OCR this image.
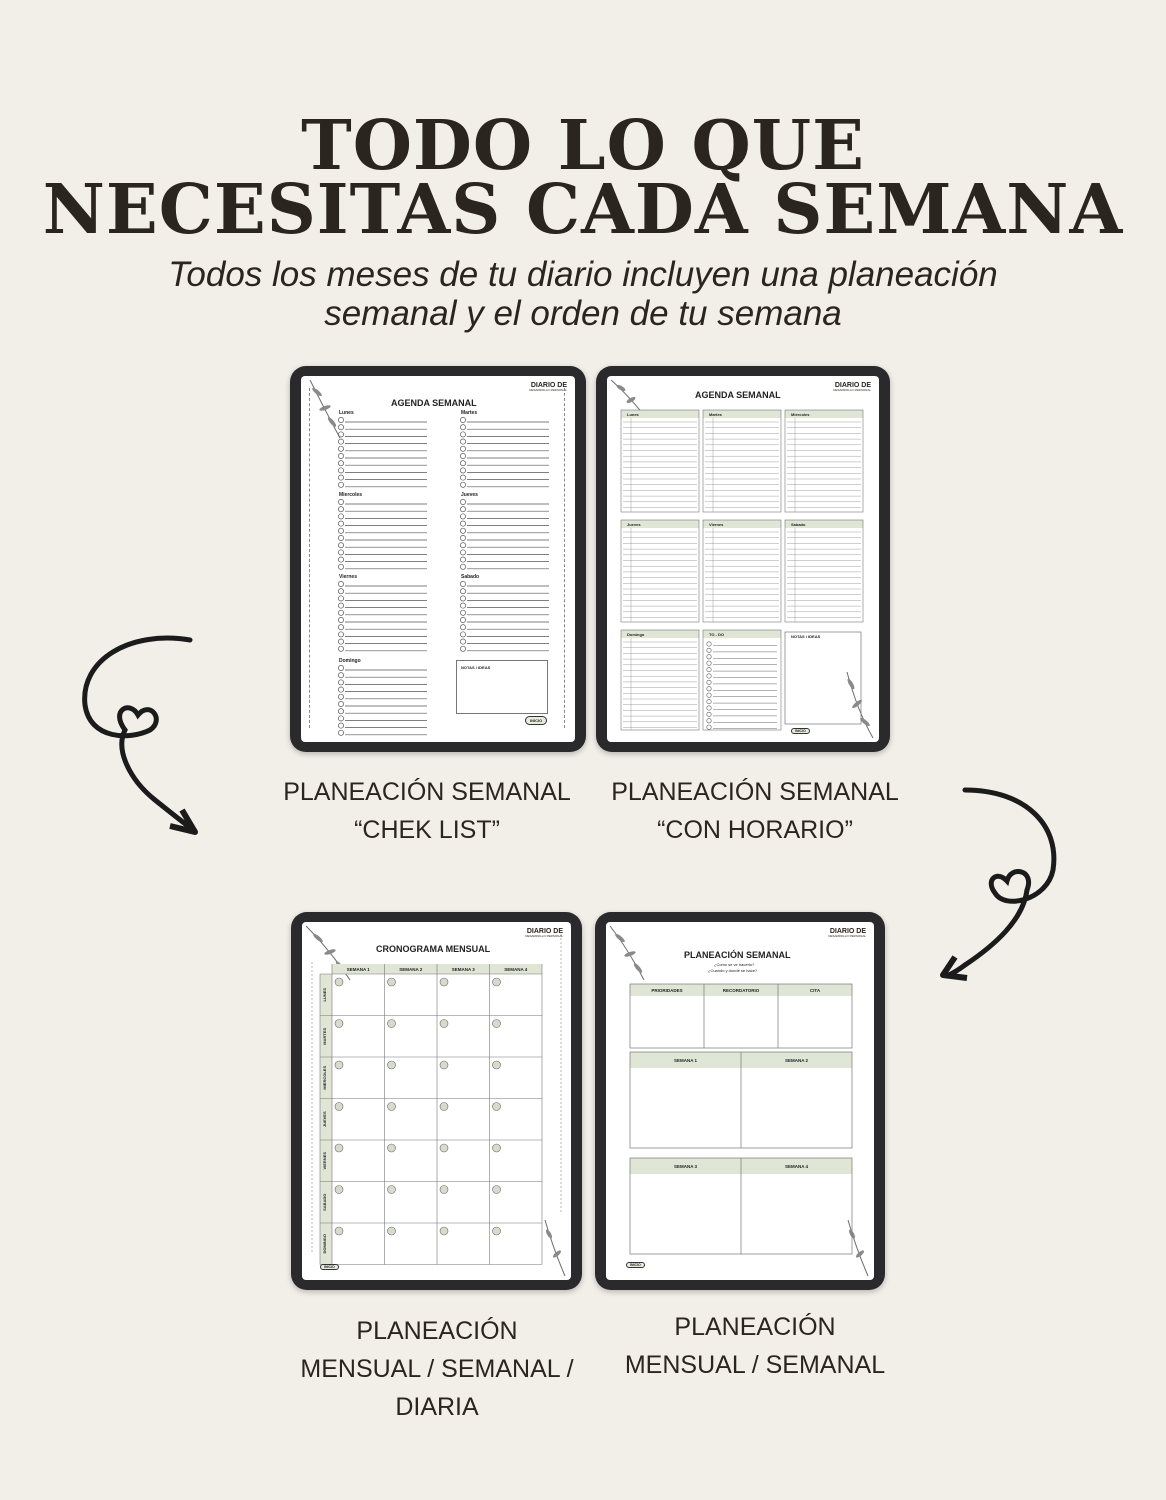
TODO LO QUE
NECESITAS CADA SEMANA
Todos los meses de tu diario incluyen una planeación
semanal y el orden de tu semana
AGENDA SEMANAL
DIARIO DE
DESARROLLO PERSONAL
Lunes	Martes
Miercoles	Jueves
Viernes	Sabado
Domingo
NOTAS / IDEAS
INICIO
AGENDA SEMANAL
DIARIO DE
DESARROLLO PERSONAL
Lunes	Martes	Miercoles
Jueves	Viernes	Sabado
Domingo	TO - DO	NOTAS / IDEAS
INICIO
PLANEACIÓN SEMANAL
“CHEK LIST”
PLANEACIÓN SEMANAL
“CON HORARIO”
CRONOGRAMA MENSUAL
DIARIO DE
DESARROLLO PERSONAL
SEMANA 1	SEMANA 2	SEMANA 3	SEMANA 4
LUNES
MARTES
MIERCOLES
JUEVES
VIERNES
SABADO
DOMINGO
INICIO
PLANEACIÓN SEMANAL
DIARIO DE
DESARROLLO PERSONAL
¿Como se ve hacerlo?
¿Cuando y donde se hace?
PRIORIDADES	RECORDATORIO	CITA
SEMANA 1	SEMANA 2
SEMANA 3	SEMANA 4
INICIO
PLANEACIÓN
MENSUAL / SEMANAL /
DIARIA
PLANEACIÓN
MENSUAL / SEMANAL
